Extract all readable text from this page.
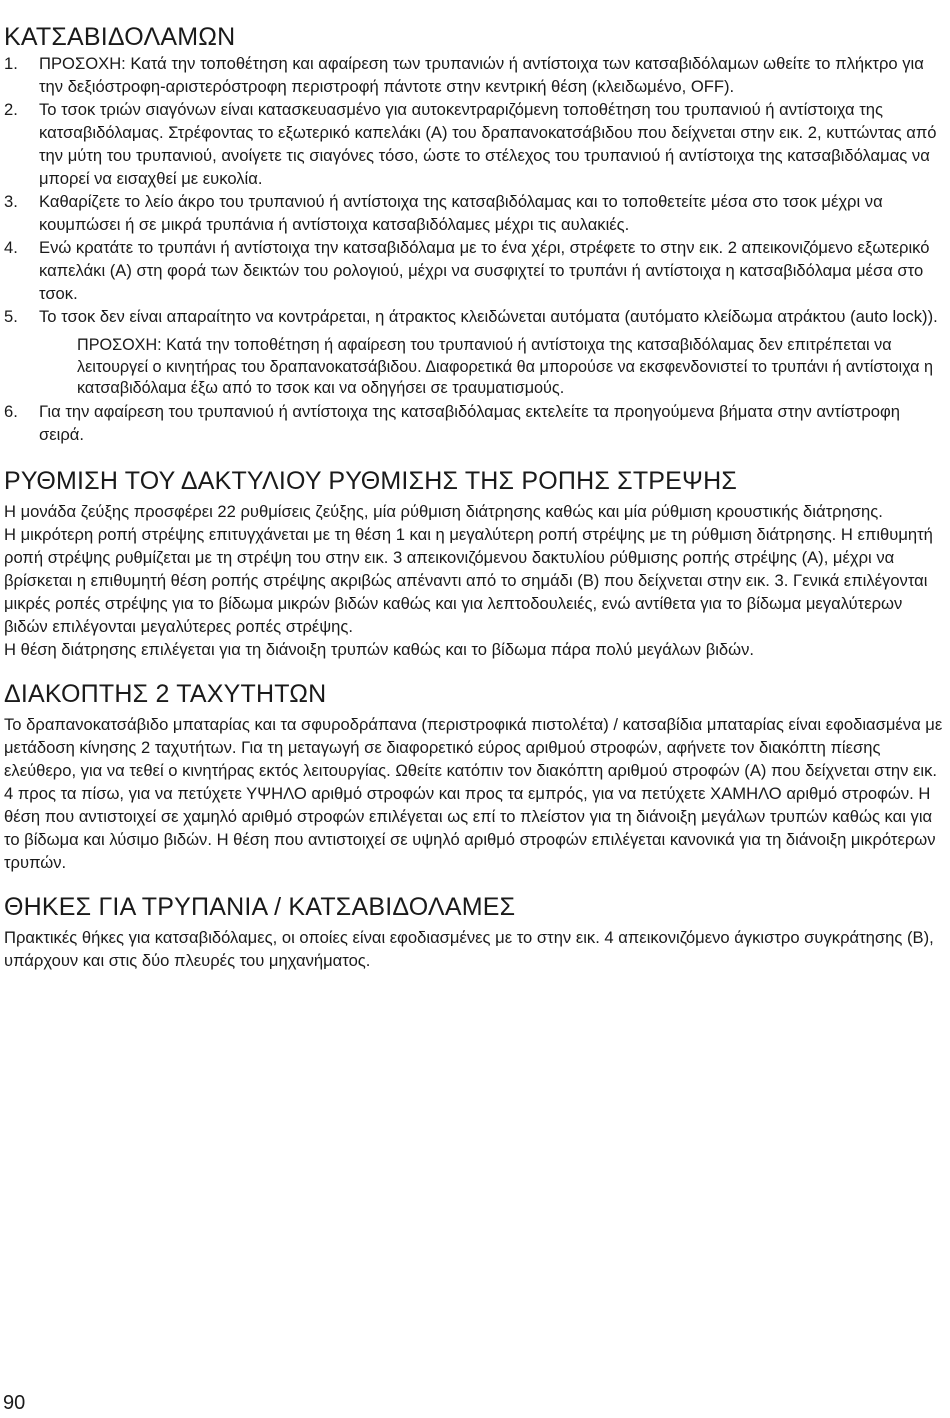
ΚΑΤΣΑΒΙΔΟΛΑΜΩΝ
1. ΠΡΟΣΟΧΗ: Κατά την τοποθέτηση και αφαίρεση των τρυπανιών ή αντίστοιχα των κατσαβιδόλαμων ωθείτε το πλήκτρο για την δεξιόστροφη-αριστερόστροφη περιστροφή πάντοτε στην κεντρική θέση (κλειδωμένο, OFF).
2. Το τσοκ τριών σιαγόνων είναι κατασκευασμένο για αυτοκεντραριζόμενη τοποθέτηση του τρυπανιού ή αντίστοιχα της κατσαβιδόλαμας. Στρέφοντας το εξωτερικό καπελάκι (A) του δραπανοκατσάβιδου που δείχνεται στην εικ. 2, κυττώντας από την μύτη του τρυπανιού, ανοίγετε τις σιαγόνες τόσο, ώστε το στέλεχος του τρυπανιού ή αντίστοιχα της κατσαβιδόλαμας να μπορεί να εισαχθεί με ευκολία.
3. Καθαρίζετε το λείο άκρο του τρυπανιού ή αντίστοιχα της κατσαβιδόλαμας και το τοποθετείτε μέσα στο τσοκ μέχρι να κουμπώσει ή σε μικρά τρυπάνια ή αντίστοιχα κατσαβιδόλαμες μέχρι τις αυλακιές.
4. Ενώ κρατάτε το τρυπάνι ή αντίστοιχα την κατσαβιδόλαμα με το ένα χέρι, στρέφετε το στην εικ. 2 απεικονιζόμενο εξωτερικό καπελάκι (A) στη φορά των δεικτών του ρολογιού, μέχρι να συσφιχτεί το τρυπάνι ή αντίστοιχα η κατσαβιδόλαμα μέσα στο τσοκ.
5. Το τσοκ δεν είναι απαραίτητο να κοντράρεται, η άτρακτος κλειδώνεται αυτόματα (αυτόματο κλείδωμα ατράκτου (auto lock)).
ΠΡΟΣΟΧΗ: Κατά την τοποθέτηση ή αφαίρεση του τρυπανιού ή αντίστοιχα της κατσαβιδόλαμας δεν επιτρέπεται να λειτουργεί ο κινητήρας του δραπανοκατσάβιδου. Διαφορετικά θα μπορούσε να εκσφενδονιστεί το τρυπάνι ή αντίστοιχα η κατσαβιδόλαμα έξω από το τσοκ και να οδηγήσει σε τραυματισμούς.
6. Για την αφαίρεση του τρυπανιού ή αντίστοιχα της κατσαβιδόλαμας εκτελείτε τα προηγούμενα βήματα στην αντίστροφη σειρά.
ΡΥΘΜΙΣΗ ΤΟΥ ΔΑΚΤΥΛΙΟΥ ΡΥΘΜΙΣΗΣ ΤΗΣ ΡΟΠΗΣ ΣΤΡΕΨΗΣ

Η μονάδα ζεύξης προσφέρει 22 ρυθμίσεις ζεύξης, μία ρύθμιση διάτρησης καθώς και μία ρύθμιση κρουστικής διάτρησης.

Η μικρότερη ροπή στρέψης επιτυγχάνεται με τη θέση 1 και η μεγαλύτερη ροπή στρέψης με τη ρύθμιση διάτρησης. Η επιθυμητή ροπή στρέψης ρυθμίζεται με τη στρέψη του στην εικ. 3 απεικονιζόμενου δακτυλίου ρύθμισης ροπής στρέψης (A), μέχρι να βρίσκεται η επιθυμητή θέση ροπής στρέψης ακριβώς απέναντι από το σημάδι (B) που δείχνεται στην εικ. 3. Γενικά επιλέγονται μικρές ροπές στρέψης για το βίδωμα μικρών βιδών καθώς και για λεπτοδουλειές, ενώ αντίθετα για το βίδωμα μεγαλύτερων βιδών επιλέγονται μεγαλύτερες ροπές στρέψης.

Η θέση διάτρησης επιλέγεται για τη διάνοιξη τρυπών καθώς και το βίδωμα πάρα πολύ μεγάλων βιδών.

ΔΙΑΚΟΠΤΗΣ 2 ΤΑΧΥΤΗΤΩΝ

Το δραπανοκατσάβιδο μπαταρίας και τα σφυροδράπανα (περιστροφικά πιστολέτα) / κατσαβίδια μπαταρίας είναι εφοδιασμένα με μετάδοση κίνησης 2 ταχυτήτων. Για τη μεταγωγή σε διαφορετικό εύρος αριθμού στροφών, αφήνετε τον διακόπτη πίεσης ελεύθερο, για να τεθεί ο κινητήρας εκτός λειτουργίας. Ωθείτε κατόπιν τον διακόπτη αριθμού στροφών (A) που δείχνεται στην εικ. 4 προς τα πίσω, για να πετύχετε ΥΨΗΛΟ αριθμό στροφών και προς τα εμπρός, για να πετύχετε ΧΑΜΗΛΟ αριθμό στροφών. Η θέση που αντιστοιχεί σε χαμηλό αριθμό στροφών επιλέγεται ως επί το πλείστον για τη διάνοιξη μεγάλων τρυπών καθώς και για το βίδωμα και λύσιμο βιδών. Η θέση που αντιστοιχεί σε υψηλό αριθμό στροφών επιλέγεται κανονικά για τη διάνοιξη μικρότερων τρυπών.

ΘΗΚΕΣ ΓΙΑ ΤΡΥΠΑΝΙΑ / ΚΑΤΣΑΒΙΔΟΛΑΜΕΣ

Πρακτικές θήκες για κατσαβιδόλαμες, οι οποίες είναι εφοδιασμένες με το στην εικ. 4 απεικονιζόμενο άγκιστρο συγκράτησης (B), υπάρχουν και στις δύο πλευρές του μηχανήματος.

90
